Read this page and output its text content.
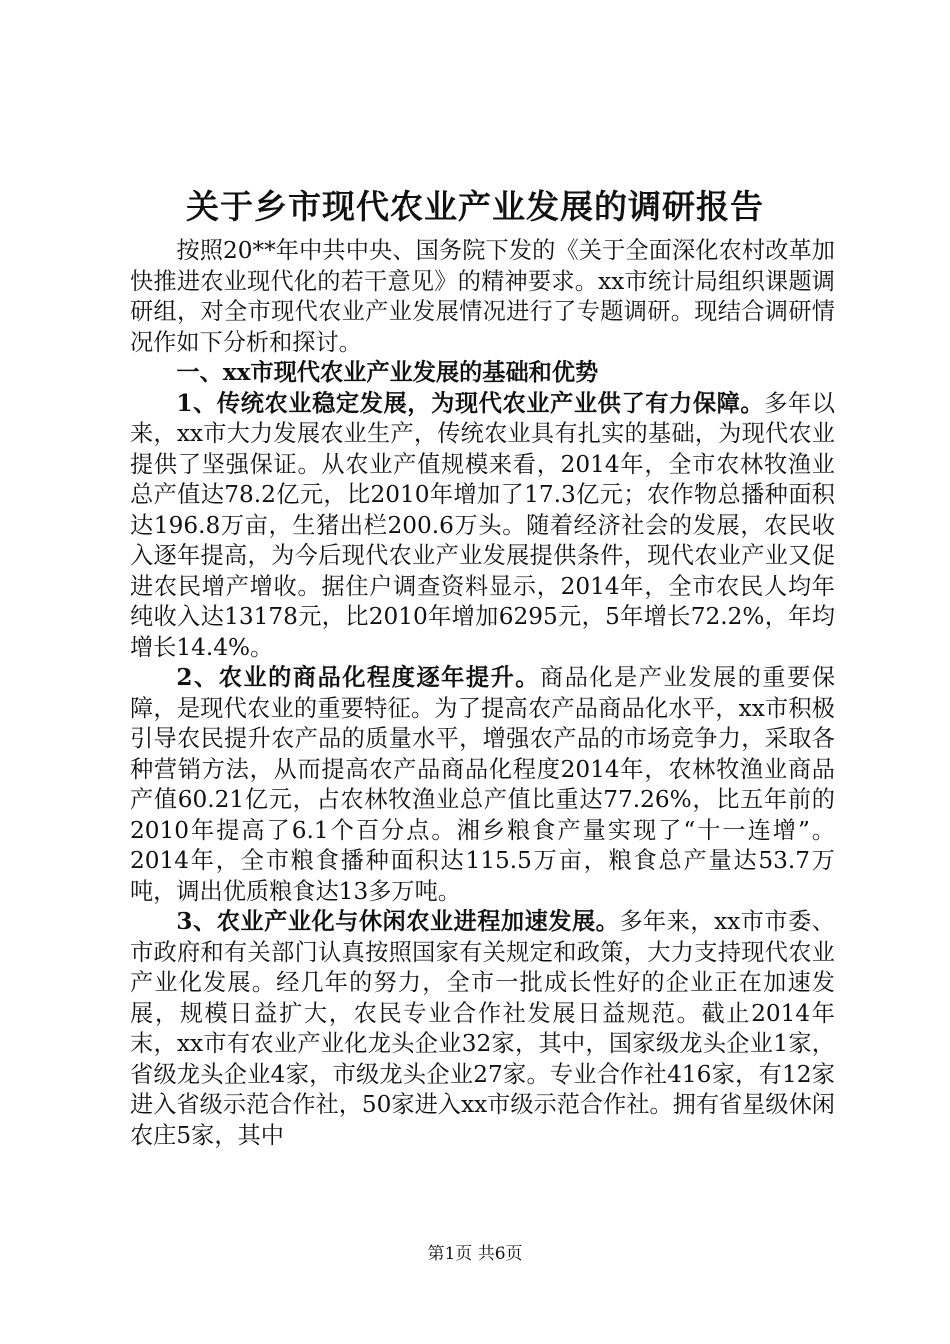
关于乡市现代农业产业发展的调研报告

按照20**年中共中央、国务院下发的《关于全面深化农村改革加快推进农业现代化的若干意见》的精神要求。xx市统计局组织课题调研组，对全市现代农业产业发展情况进行了专题调研。现结合调研情况作如下分析和探讨。

一、xx市现代农业产业发展的基础和优势

1、传统农业稳定发展，为现代农业产业供了有力保障。多年以来，xx市大力发展农业生产，传统农业具有扎实的基础，为现代农业提供了坚强保证。从农业产值规模来看，2014年，全市农林牧渔业总产值达78.2亿元，比2010年增加了17.3亿元；农作物总播种面积达196.8万亩，生猪出栏200.6万头。随着经济社会的发展，农民收入逐年提高，为今后现代农业产业发展提供条件，现代农业产业又促进农民增产增收。据住户调查资料显示，2014年，全市农民人均年纯收入达13178元，比2010年增加6295元，5年增长72.2%，年均增长14.4%。

2、农业的商品化程度逐年提升。商品化是产业发展的重要保障，是现代农业的重要特征。为了提高农产品商品化水平，xx市积极引导农民提升农产品的质量水平，增强农产品的市场竞争力，采取各种营销方法，从而提高农产品商品化程度2014年，农林牧渔业商品产值60.21亿元，占农林牧渔业总产值比重达77.26%，比五年前的2010年提高了6.1个百分点。湘乡粮食产量实现了“十一连增”。2014年，全市粮食播种面积达115.5万亩，粮食总产量达53.7万吨，调出优质粮食达13多万吨。

3、农业产业化与休闲农业进程加速发展。多年来，xx市市委、市政府和有关部门认真按照国家有关规定和政策，大力支持现代农业产业化发展。经几年的努力，全市一批成长性好的企业正在加速发展，规模日益扩大，农民专业合作社发展日益规范。截止2014年末，xx市有农业产业化龙头企业32家，其中，国家级龙头企业1家，省级龙头企业4家，市级龙头企业27家。专业合作社416家，有12家进入省级示范合作社，50家进入xx市级示范合作社。拥有省星级休闲农庄5家，其中

第1页 共6页
